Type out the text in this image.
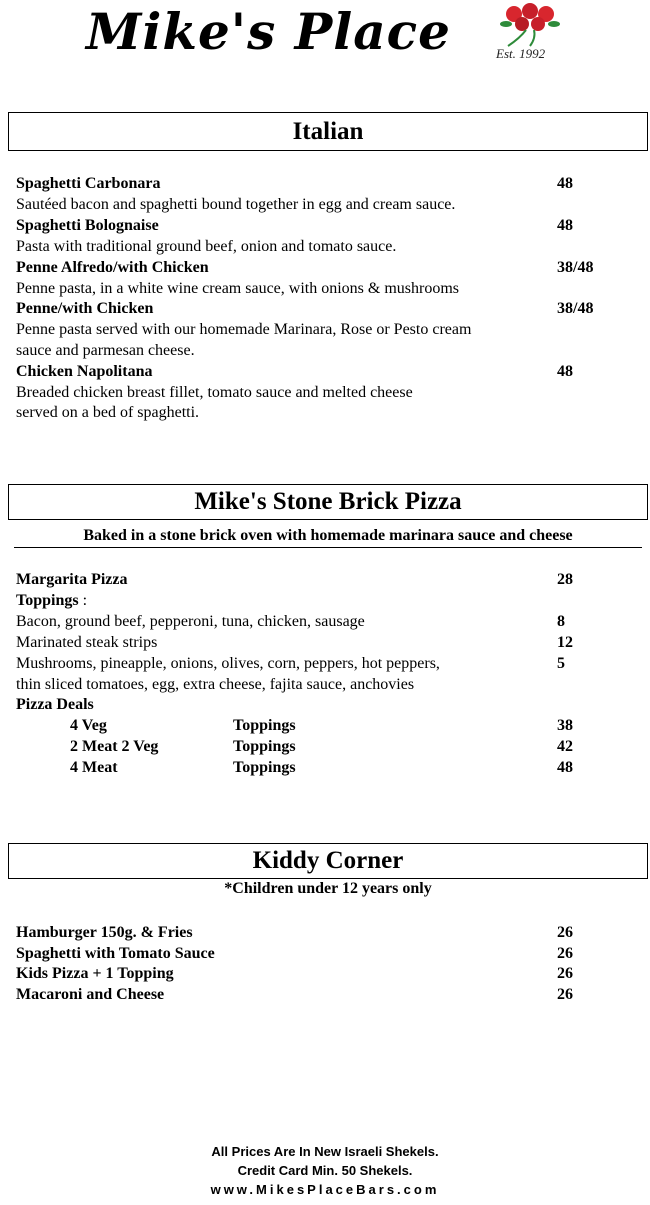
Mike's Place	Est. 1992
Italian
Spaghetti Carbonara	48
Sautéed bacon and spaghetti bound together in egg and cream sauce.
Spaghetti Bolognaise	48
Pasta with traditional ground beef, onion and tomato sauce.
Penne Alfredo/with Chicken	38/48
Penne pasta, in a white wine cream sauce, with onions & mushrooms
Penne/with Chicken	38/48
Penne pasta served with our homemade Marinara, Rose or Pesto cream
sauce and parmesan cheese.
Chicken Napolitana	48
Breaded chicken breast fillet, tomato sauce and melted cheese
served on a bed of spaghetti.
Mike's Stone Brick Pizza
Baked in a stone brick oven with homemade marinara sauce and cheese
Margarita Pizza	28
Toppings :
Bacon, ground beef, pepperoni, tuna, chicken, sausage	8
Marinated steak strips	12
Mushrooms, pineapple, onions, olives, corn, peppers, hot peppers,	5
thin sliced tomatoes, egg, extra cheese, fajita sauce, anchovies
Pizza Deals
4 Veg	Toppings	38
2 Meat 2 Veg	Toppings	42
4 Meat	Toppings	48
Kiddy Corner
*Children under 12 years only
Hamburger 150g. & Fries	26
Spaghetti with Tomato Sauce	26
Kids Pizza + 1 Topping	26
Macaroni and Cheese	26
All Prices Are In New Israeli Shekels.
Credit Card Min. 50 Shekels.
www.MikesPlaceBars.com
